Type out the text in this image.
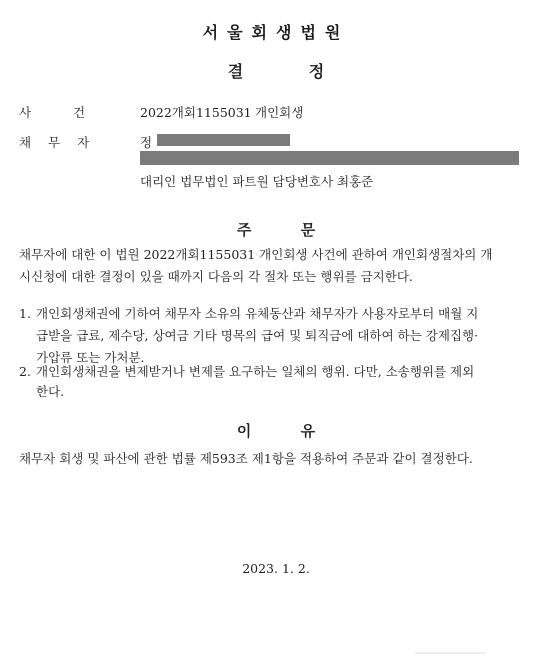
서울회생법원
결 정
사 건	2022개회1155031 개인회생
채 무 자	정
대리인 법무법인 파트원 담당변호사 최홍준
주 문
채무자에 대한 이 법원 2022개회1155031 개인회생 사건에 관하여 개인회생절차의 개
시신청에 대한 결정이 있을 때까지 다음의 각 절차 또는 행위를 금지한다.
1. 개인회생채권에 기하여 채무자 소유의 유체동산과 채무자가 사용자로부터 매월 지
급받을 급료, 제수당, 상여금 기타 명목의 급여 및 퇴직금에 대하여 하는 강제집행·
가압류 또는 가처분.
2. 개인회생채권을 변제받거나 변제를 요구하는 일체의 행위. 다만, 소송행위를 제외
한다.
이 유
채무자 회생 및 파산에 관한 법률 제593조 제1항을 적용하여 주문과 같이 결정한다.
2023. 1. 2.
